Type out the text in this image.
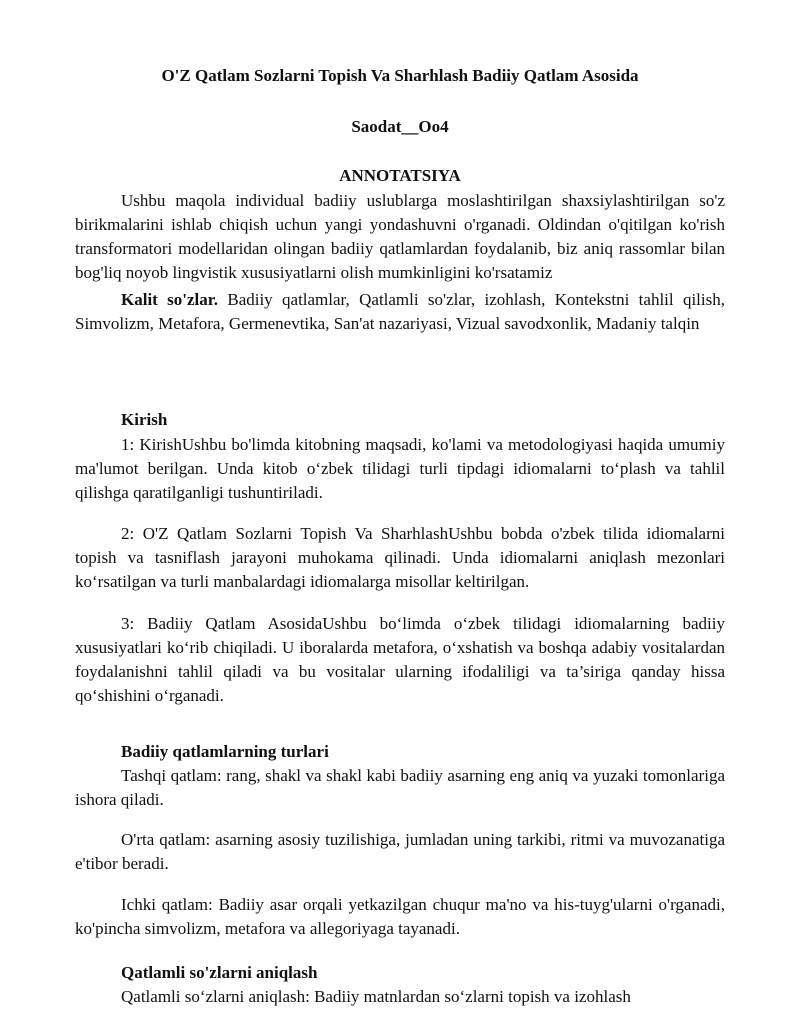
O'Z Qatlam Sozlarni Topish Va Sharhlash Badiiy Qatlam Asosida
Saodat__Oo4
ANNOTATSIYA

Ushbu maqola individual badiiy uslublarga moslashtirilgan shaxsiylashtirilgan so'z birikmalarini ishlab chiqish uchun yangi yondashuvni o'rganadi. Oldindan o'qitilgan ko'rish transformatori modellaridan olingan badiiy qatlamlardan foydalanib, biz aniq rassomlar bilan bog'liq noyob lingvistik xususiyatlarni olish mumkinligini ko'rsatamiz

Kalit so'zlar. Badiiy qatlamlar, Qatlamli so'zlar, izohlash, Kontekstni tahlil qilish, Simvolizm, Metafora, Germenevtika, San'at nazariyasi, Vizual savodxonlik, Madaniy talqin

Kirish

1: KirishUshbu bo'limda kitobning maqsadi, ko'lami va metodologiyasi haqida umumiy ma'lumot berilgan. Unda kitob o‘zbek tilidagi turli tipdagi idiomalarni to‘plash va tahlil qilishga qaratilganligi tushuntiriladi.

2: O'Z Qatlam Sozlarni Topish Va SharhlashUshbu bobda o'zbek tilida idiomalarni topish va tasniflash jarayoni muhokama qilinadi. Unda idiomalarni aniqlash mezonlari ko‘rsatilgan va turli manbalardagi idiomalarga misollar keltirilgan.

3: Badiiy Qatlam AsosidaUshbu bo‘limda o‘zbek tilidagi idiomalarning badiiy xususiyatlari ko‘rib chiqiladi. U iboralarda metafora, o‘xshatish va boshqa adabiy vositalardan foydalanishni tahlil qiladi va bu vositalar ularning ifodaliligi va ta’siriga qanday hissa qo‘shishini o‘rganadi.

Badiiy qatlamlarning turlari

Tashqi qatlam: rang, shakl va shakl kabi badiiy asarning eng aniq va yuzaki tomonlariga ishora qiladi.

O'rta qatlam: asarning asosiy tuzilishiga, jumladan uning tarkibi, ritmi va muvozanatiga e'tibor beradi.

Ichki qatlam: Badiiy asar orqali yetkazilgan chuqur ma'no va his-tuyg'ularni o'rganadi, ko'pincha simvolizm, metafora va allegoriyaga tayanadi.

Qatlamli so'zlarni aniqlash

Qatlamli so‘zlarni aniqlash: Badiiy matnlardan so‘zlarni topish va izohlash
